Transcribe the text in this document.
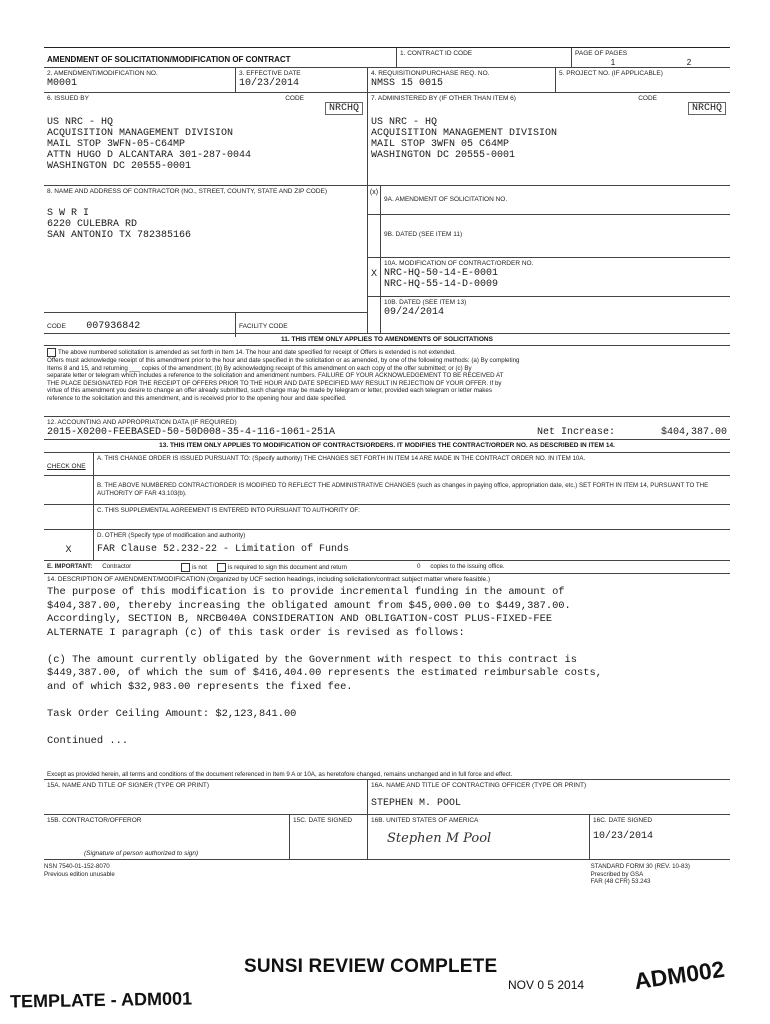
AMENDMENT OF SOLICITATION/MODIFICATION OF CONTRACT
1. CONTRACT ID CODE	PAGE OF PAGES
1	2
2. AMENDMENT/MODIFICATION NO.
M0001
3. EFFECTIVE DATE
10/23/2014
4. REQUISITION/PURCHASE REQ. NO.
NMSS 15 0015
5. PROJECT NO. (IF APPLICABLE)
6. ISSUED BY	CODE
NRCHQ
US NRC - HQ
ACQUISITION MANAGEMENT DIVISION
MAIL STOP 3WFN-05-C64MP
ATTN HUGO D ALCANTARA 301-287-0044
WASHINGTON DC 20555-0001
7. ADMINISTERED BY (IF OTHER THAN ITEM 6)	CODE
NRCHQ
US NRC - HQ
ACQUISITION MANAGEMENT DIVISION
MAIL STOP 3WFN 05 C64MP
WASHINGTON DC 20555-0001
8. NAME AND ADDRESS OF CONTRACTOR (NO., STREET, COUNTY, STATE AND ZIP CODE)
S W R I
6220 CULEBRA RD
SAN ANTONIO TX 782385166
CODE 007936842	FACILITY CODE
(x)
9A. AMENDMENT OF SOLICITATION NO.
9B. DATED (SEE ITEM 11)
X
10A. MODIFICATION OF CONTRACT/ORDER NO.
NRC-HQ-50-14-E-0001
NRC-HQ-55-14-D-0009
10B. DATED (SEE ITEM 13)
09/24/2014
11. THIS ITEM ONLY APPLIES TO AMENDMENTS OF SOLICITATIONS
The above numbered solicitation is amended as set forth in Item 14. The hour and date specified for receipt of Offers is extended is not extended.
Offers must acknowledge receipt of this amendment prior to the hour and date specified in the solicitation or as amended, by one of the following methods: (a) By completing
Items 8 and 15, and returning ___ copies of the amendment; (b) By acknowledging receipt of this amendment on each copy of the offer submitted; or (c) By
separate letter or telegram which includes a reference to the solicitation and amendment numbers. FAILURE OF YOUR ACKNOWLEDGEMENT TO BE RECEIVED AT
THE PLACE DESIGNATED FOR THE RECEIPT OF OFFERS PRIOR TO THE HOUR AND DATE SPECIFIED MAY RESULT IN REJECTION OF YOUR OFFER. If by
virtue of this amendment you desire to change an offer already submitted, such change may be made by telegram or letter, provided each telegram or letter makes
reference to the solicitation and this amendment, and is received prior to the opening hour and date specified.
12. ACCOUNTING AND APPROPRIATION DATA (IF REQUIRED)
2015-X0200-FEEBASED-50-50D008-35-4-116-1061-251A	Net Increase:	$404,387.00
13. THIS ITEM ONLY APPLIES TO MODIFICATION OF CONTRACTS/ORDERS. IT MODIFIES THE CONTRACT/ORDER NO. AS DESCRIBED IN ITEM 14.
CHECK ONE
A. THIS CHANGE ORDER IS ISSUED PURSUANT TO: (Specify authority) THE CHANGES SET FORTH IN ITEM 14 ARE MADE IN THE CONTRACT ORDER NO. IN ITEM 10A.
B. THE ABOVE NUMBERED CONTRACT/ORDER IS MODIFIED TO REFLECT THE ADMINISTRATIVE CHANGES (such as changes in paying office, appropriation date, etc.) SET FORTH IN ITEM 14, PURSUANT TO THE AUTHORITY OF FAR 43.103(b).
C. THIS SUPPLEMENTAL AGREEMENT IS ENTERED INTO PURSUANT TO AUTHORITY OF:
X
D. OTHER (Specify type of modification and authority)
FAR Clause 52.232-22 - Limitation of Funds
E. IMPORTANT: Contractor	is not	is required to sign this document and return	0 copies to the issuing office.
14. DESCRIPTION OF AMENDMENT/MODIFICATION (Organized by UCF section headings, including solicitation/contract subject matter where feasible.)
The purpose of this modification is to provide incremental funding in the amount of
$404,387.00, thereby increasing the obligated amount from $45,000.00 to $449,387.00.
Accordingly, SECTION B, NRCB040A CONSIDERATION AND OBLIGATION-COST PLUS-FIXED-FEE
ALTERNATE I paragraph (c) of this task order is revised as follows:
(c) The amount currently obligated by the Government with respect to this contract is
$449,387.00, of which the sum of $416,404.00 represents the estimated reimbursable costs,
and of which $32,983.00 represents the fixed fee.
Task Order Ceiling Amount: $2,123,841.00
Continued ...
Except as provided herein, all terms and conditions of the document referenced in Item 9 A or 10A, as heretofore changed, remains unchanged and in full force and effect.
15A. NAME AND TITLE OF SIGNER (TYPE OR PRINT)	16A. NAME AND TITLE OF CONTRACTING OFFICER (TYPE OR PRINT)
STEPHEN M. POOL
15B. CONTRACTOR/OFFEROR
(Signature of person authorized to sign)
15C. DATE SIGNED	16B. UNITED STATES OF AMERICA
Stephen M Pool
16C. DATE SIGNED
10/23/2014
NSN 7540-01-152-8070
Previous edition unusable
STANDARD FORM 30 (REV. 10-83)
Prescribed by GSA
FAR (48 CFR) 53.243
SUNSI REVIEW COMPLETE
TEMPLATE - ADM001
NOV 0 5 2014 ADM002
